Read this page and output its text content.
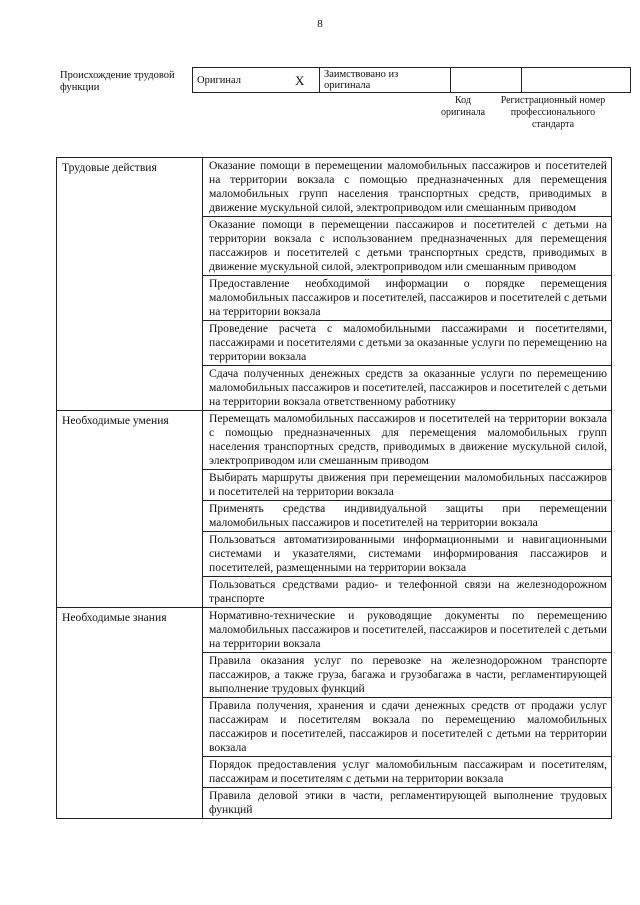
8
Происхождение трудовой функции
Оригинал	X	Заимствовано из оригинала		
Код оригинала
Регистрационный номер профессионального стандарта
Трудовые действия	Оказание помощи в перемещении маломобильных пассажиров и посетителей на территории вокзала с помощью предназначенных для перемещения маломобильных групп населения транспортных средств, приводимых в движение мускульной силой, электроприводом или смешанным приводом
	Оказание помощи в перемещении пассажиров и посетителей с детьми на территории вокзала с использованием предназначенных для перемещения пассажиров и посетителей с детьми транспортных средств, приводимых в движение мускульной силой, электроприводом или смешанным приводом
	Предоставление необходимой информации о порядке перемещения маломобильных пассажиров и посетителей, пассажиров и посетителей с детьми на территории вокзала
	Проведение расчета с маломобильными пассажирами и посетителями, пассажирами и посетителями с детьми за оказанные услуги по перемещению на территории вокзала
	Сдача полученных денежных средств за оказанные услуги по перемещению маломобильных пассажиров и посетителей, пассажиров и посетителей с детьми на территории вокзала ответственному работнику
Необходимые умения	Перемещать маломобильных пассажиров и посетителей на территории вокзала с помощью предназначенных для перемещения маломобильных групп населения транспортных средств, приводимых в движение мускульной силой, электроприводом или смешанным приводом
	Выбирать маршруты движения при перемещении маломобильных пассажиров и посетителей на территории вокзала
	Применять средства индивидуальной защиты при перемещении маломобильных пассажиров и посетителей на территории вокзала
	Пользоваться автоматизированными информационными и навигационными системами и указателями, системами информирования пассажиров и посетителей, размещенными на территории вокзала
	Пользоваться средствами радио- и телефонной связи на железнодорожном транспорте
Необходимые знания	Нормативно-технические и руководящие документы по перемещению маломобильных пассажиров и посетителей, пассажиров и посетителей с детьми на территории вокзала
	Правила оказания услуг по перевозке на железнодорожном транспорте пассажиров, а также груза, багажа и грузобагажа в части, регламентирующей выполнение трудовых функций
	Правила получения, хранения и сдачи денежных средств от продажи услуг пассажирам и посетителям вокзала по перемещению маломобильных пассажиров и посетителей, пассажиров и посетителей с детьми на территории вокзала
	Порядок предоставления услуг маломобильным пассажирам и посетителям, пассажирам и посетителям с детьми на территории вокзала
	Правила деловой этики в части, регламентирующей выполнение трудовых функций
